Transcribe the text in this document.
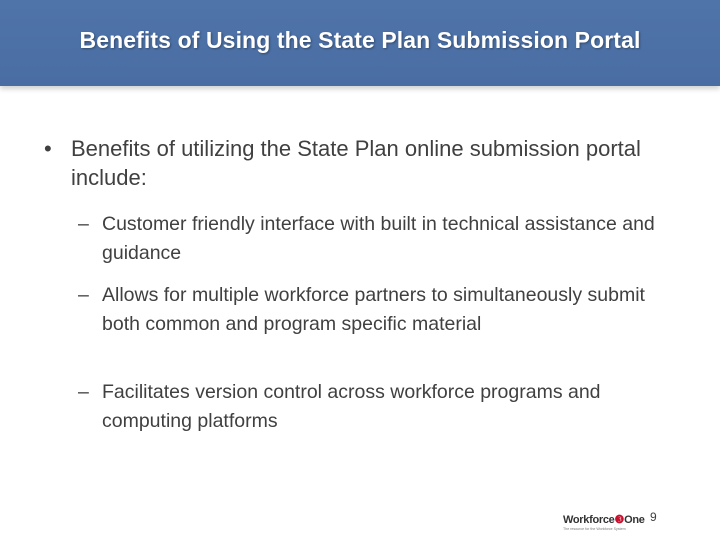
Benefits of Using the State Plan Submission Portal
• Benefits of utilizing the State Plan online submission portal include:
– Customer friendly interface with built in technical assistance and guidance
– Allows for multiple workforce partners to simultaneously submit both common and program specific material
– Facilitates version control across workforce programs and computing platforms
Workforce❸One
The resource for the Workforce System
9
